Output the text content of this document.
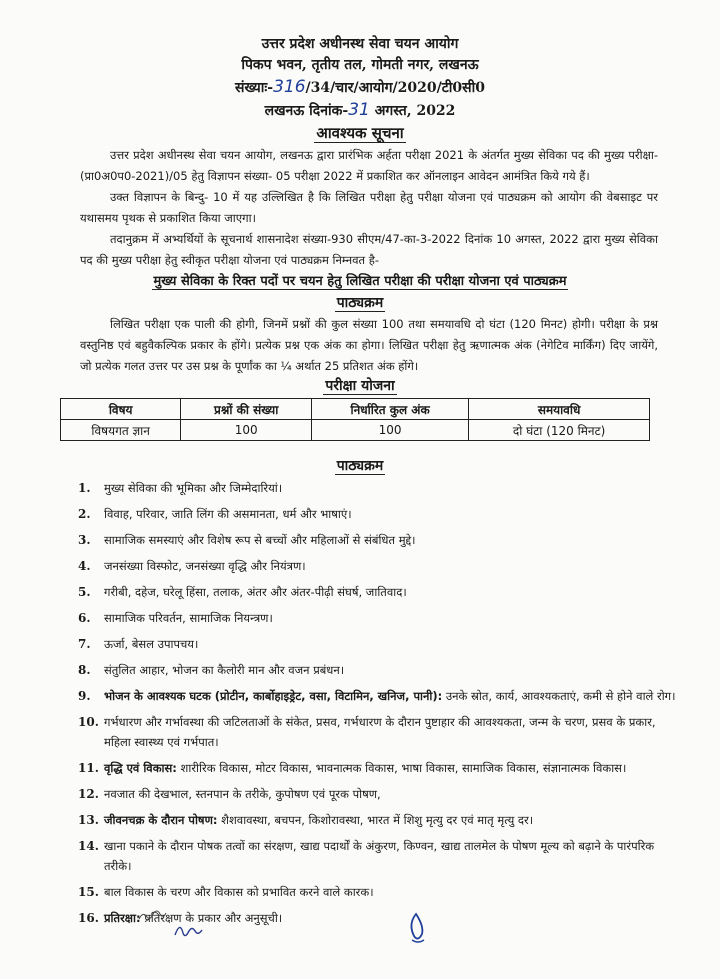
उत्तर प्रदेश अधीनस्थ सेवा चयन आयोग
पिकप भवन, तृतीय तल, गोमती नगर, लखनऊ
संख्याः-316/34/चार/आयोग/2020/टी0सी0
लखनऊ दिनांक-31 अगस्त, 2022
आवश्यक सूचना
उत्तर प्रदेश अधीनस्थ सेवा चयन आयोग, लखनऊ द्वारा प्रारंभिक अर्हता परीक्षा 2021 के अंतर्गत मुख्य सेविका पद की मुख्य परीक्षा- (प्रा0अ0प0-2021)/05 हेतु विज्ञापन संख्या- 05 परीक्षा 2022 में प्रकाशित कर ऑनलाइन आवेदन आमंत्रित किये गये हैं।
उक्त विज्ञापन के बिन्दु- 10 में यह उल्लिखित है कि लिखित परीक्षा हेतु परीक्षा योजना एवं पाठ्यक्रम को आयोग की वेबसाइट पर यथासमय पृथक से प्रकाशित किया जाएगा।
तदानुक्रम में अभ्यर्थियों के सूचनार्थ शासनादेश संख्या-930 सीएम/47-का-3-2022 दिनांक 10 अगस्त, 2022 द्वारा मुख्य सेविका पद की मुख्य परीक्षा हेतु स्वीकृत परीक्षा योजना एवं पाठ्यक्रम निम्नवत है-
मुख्य सेविका के रिक्त पदों पर चयन हेतु लिखित परीक्षा की परीक्षा योजना एवं पाठ्यक्रम
पाठ्यक्रम
लिखित परीक्षा एक पाली की होगी, जिनमें प्रश्नों की कुल संख्या 100 तथा समयावधि दो घंटा (120 मिनट) होगी। परीक्षा के प्रश्न वस्तुनिष्ठ एवं बहुवैकल्पिक प्रकार के होंगे। प्रत्येक प्रश्न एक अंक का होगा। लिखित परीक्षा हेतु ऋणात्मक अंक (नेगेटिव मार्किंग) दिए जायेंगे, जो प्रत्येक गलत उत्तर पर उस प्रश्न के पूर्णांक का ¼ अर्थात 25 प्रतिशत अंक होंगे।
परीक्षा योजना
विषय	प्रश्नों की संख्या	निर्धारित कुल अंक	समयावधि
विषयगत ज्ञान	100	100	दो घंटा (120 मिनट)
पाठ्यक्रम
1. मुख्य सेविका की भूमिका और जिम्मेदारियां।
2. विवाह, परिवार, जाति लिंग की असमानता, धर्म और भाषाएं।
3. सामाजिक समस्याएं और विशेष रूप से बच्चों और महिलाओं से संबंधित मुद्दे।
4. जनसंख्या विस्फोट, जनसंख्या वृद्धि और नियंत्रण।
5. गरीबी, दहेज, घरेलू हिंसा, तलाक, अंतर और अंतर-पीढ़ी संघर्ष, जातिवाद।
6. सामाजिक परिवर्तन, सामाजिक नियन्त्रण।
7. ऊर्जा, बेसल उपापचय।
8. संतुलित आहार, भोजन का कैलोरी मान और वजन प्रबंधन।
9. भोजन के आवश्यक घटक (प्रोटीन, कार्बोहाइड्रेट, वसा, विटामिन, खनिज, पानी): उनके स्रोत, कार्य, आवश्यकताएं, कमी से होने वाले रोग।
10. गर्भधारण और गर्भावस्था की जटिलताओं के संकेत, प्रसव, गर्भधारण के दौरान पुष्टाहार की आवश्यकता, जन्म के चरण, प्रसव के प्रकार, महिला स्वास्थ्य एवं गर्भपात।
11. वृद्धि एवं विकास: शारीरिक विकास, मोटर विकास, भावनात्मक विकास, भाषा विकास, सामाजिक विकास, संज्ञानात्मक विकास।
12. नवजात की देखभाल, स्तनपान के तरीके, कुपोषण एवं पूरक पोषण,
13. जीवनचक्र के दौरान पोषण: शैशवावस्था, बचपन, किशोरावस्था, भारत में शिशु मृत्यु दर एवं मातृ मृत्यु दर।
14. खाना पकाने के दौरान पोषक तत्वों का संरक्षण, खाद्य पदार्थों के अंकुरण, किण्वन, खाद्य तालमेल के पोषण मूल्य को बढ़ाने के पारंपरिक तरीके।
15. बाल विकास के चरण और विकास को प्रभावित करने वाले कारक।
16. प्रतिरक्षा: प्रतिरक्षण के प्रकार और अनुसूची।
